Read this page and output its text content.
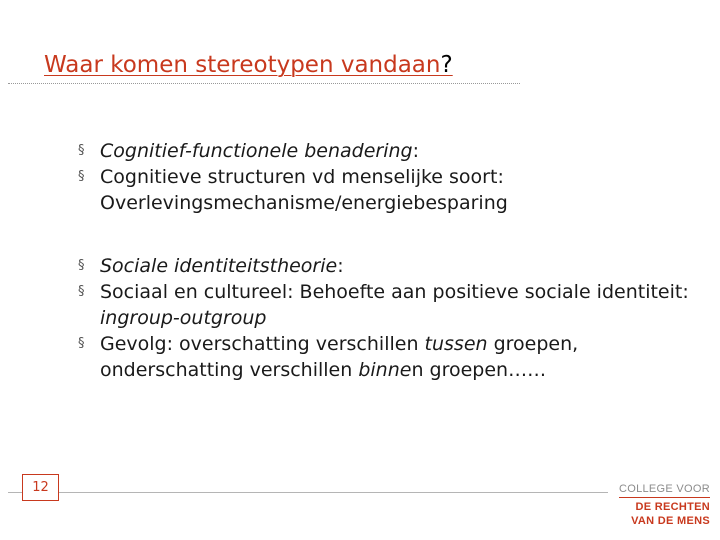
Waar komen stereotypen vandaan?
§ Cognitief-functionele benadering:
§ Cognitieve structuren vd menselijke soort: Overlevingsmechanisme/energiebesparing
§ Sociale identiteitstheorie:
§ Sociaal en cultureel: Behoefte aan positieve sociale identiteit: ingroup-outgroup
§ Gevolg: overschatting verschillen tussen groepen, onderschatting verschillen binnen groepen……
12	COLLEGE VOOR
DE RECHTEN
VAN DE MENS
